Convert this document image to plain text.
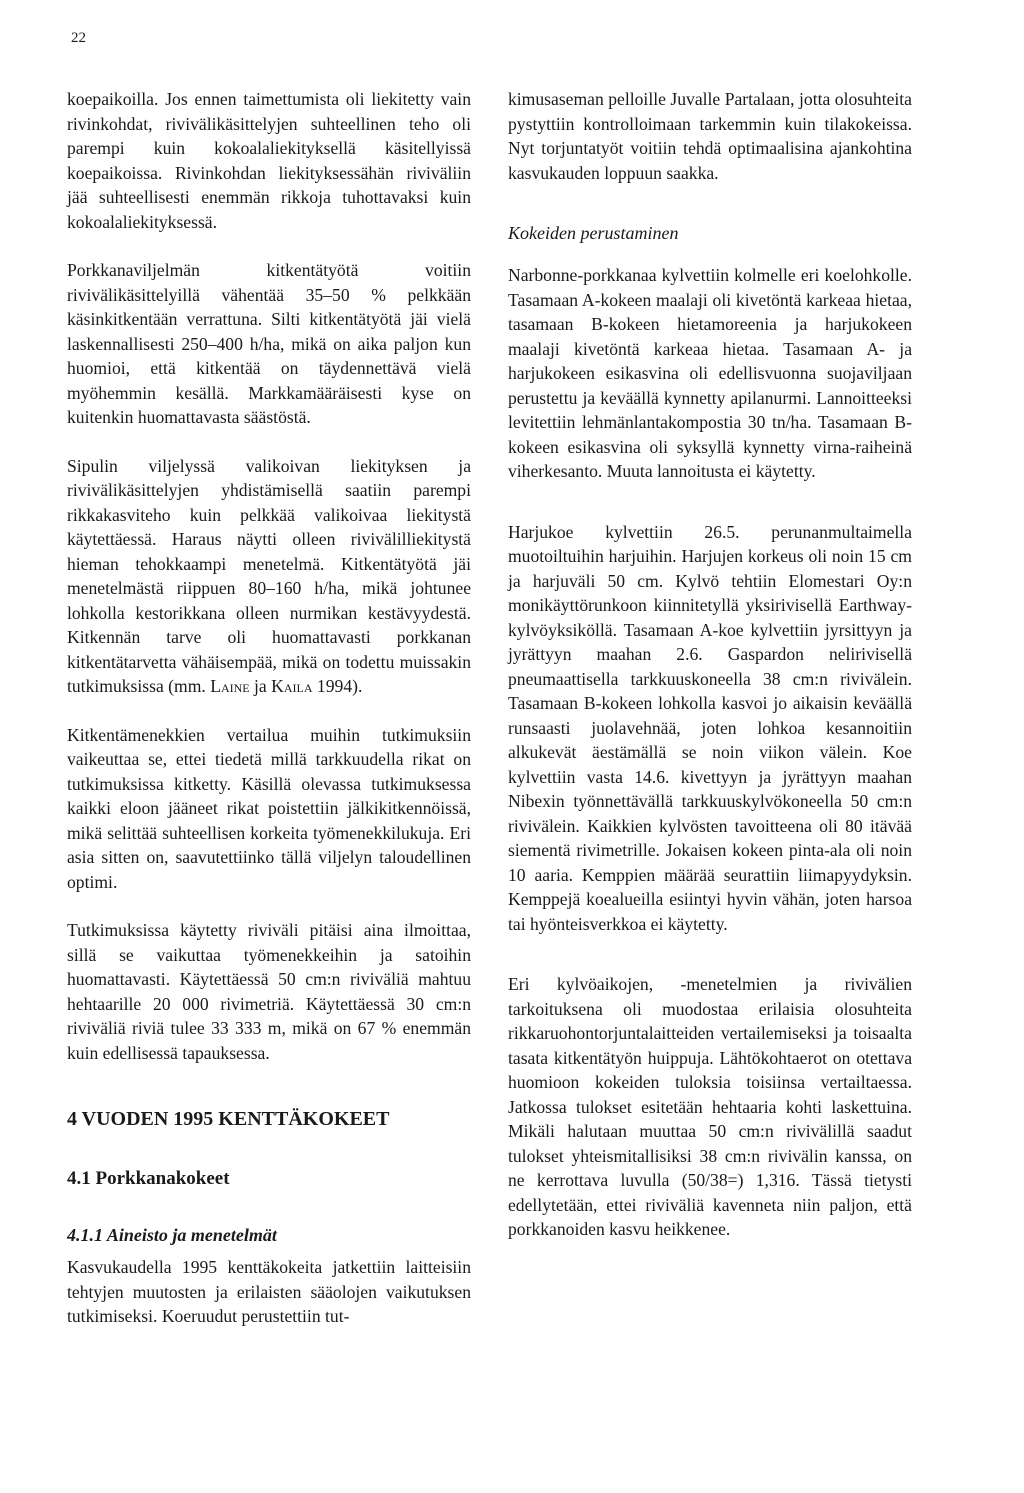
22

koepaikoilla. Jos ennen taimettumista oli liekitetty vain rivinkohdat, rivivälikäsittelyjen suhteellinen teho oli parempi kuin kokoalaliekityksellä käsitellyissä koepaikoissa. Rivinkohdan liekityksessähän riviväliin jää suhteellisesti enemmän rikkoja tuhottavaksi kuin kokoalaliekityksessä.

Porkkanaviljelmän kitkentätyötä voitiin rivivälikäsittelyillä vähentää 35–50 % pelkkään käsinkitkentään verrattuna. Silti kitkentätyötä jäi vielä laskennallisesti 250–400 h/ha, mikä on aika paljon kun huomioi, että kitkentää on täydennettävä vielä myöhemmin kesällä. Markkamääräisesti kyse on kuitenkin huomattavasta säästöstä.

Sipulin viljelyssä valikoivan liekityksen ja rivivälikäsittelyjen yhdistämisellä saatiin parempi rikkakasviteho kuin pelkkää valikoivaa liekitystä käytettäessä. Haraus näytti olleen rivivälilliekitystä hieman tehokkaampi menetelmä. Kitkentätyötä jäi menetelmästä riippuen 80–160 h/ha, mikä johtunee lohkolla kestorikkana olleen nurmikan kestävyydestä. Kitkennän tarve oli huomattavasti porkkanan kitkentätarvetta vähäisempää, mikä on todettu muissakin tutkimuksissa (mm. Laine ja Kaila 1994).

Kitkentämenekkien vertailua muihin tutkimuksiin vaikeuttaa se, ettei tiedetä millä tarkkuudella rikat on tutkimuksissa kitketty. Käsillä olevassa tutkimuksessa kaikki eloon jääneet rikat poistettiin jälkikitkennöissä, mikä selittää suhteellisen korkeita työmenekkilukuja. Eri asia sitten on, saavutettiinko tällä viljelyn taloudellinen optimi.

Tutkimuksissa käytetty riviväli pitäisi aina ilmoittaa, sillä se vaikuttaa työmenekkeihin ja satoihin huomattavasti. Käytettäessä 50 cm:n riviväliä mahtuu hehtaarille 20 000 rivimetriä. Käytettäessä 30 cm:n riviväliä riviä tulee 33 333 m, mikä on 67 % enemmän kuin edellisessä tapauksessa.

4 VUODEN 1995 KENTTÄKOKEET
4.1 Porkkanakokeet
4.1.1 Aineisto ja menetelmät

Kasvukaudella 1995 kenttäkokeita jatkettiin laitteisiin tehtyjen muutosten ja erilaisten sääolojen vaikutuksen tutkimiseksi. Koeruudut perustettiin tut-

kimusaseman pelloille Juvalle Partalaan, jotta olosuhteita pystyttiin kontrolloimaan tarkemmin kuin tilakokeissa. Nyt torjuntatyöt voitiin tehdä optimaalisina ajankohtina kasvukauden loppuun saakka.

Kokeiden perustaminen

Narbonne-porkkanaa kylvettiin kolmelle eri koelohkolle. Tasamaan A-kokeen maalaji oli kivetöntä karkeaa hietaa, tasamaan B-kokeen hietamoreenia ja harjukokeen maalaji kivetöntä karkeaa hietaa. Tasamaan A- ja harjukokeen esikasvina oli edellisvuonna suojaviljaan perustettu ja keväällä kynnetty apilanurmi. Lannoitteeksi levitettiin lehmänlantakompostia 30 tn/ha. Tasamaan B-kokeen esikasvina oli syksyllä kynnetty virna-raiheinä viherkesanto. Muuta lannoitusta ei käytetty.

Harjukoe kylvettiin 26.5. perunanmultaimella muotoiltuihin harjuihin. Harjujen korkeus oli noin 15 cm ja harjuväli 50 cm. Kylvö tehtiin Elomestari Oy:n monikäyttörunkoon kiinnitetyllä yksirivisellä Earthway-kylvöyksiköllä. Tasamaan A-koe kylvettiin jyrsittyyn ja jyrättyyn maahan 2.6. Gaspardon nelirivisellä pneumaattisella tarkkuuskoneella 38 cm:n rivivälein. Tasamaan B-kokeen lohkolla kasvoi jo aikaisin keväällä runsaasti juolavehnää, joten lohkoa kesannoitiin alkukevät äestämällä se noin viikon välein. Koe kylvettiin vasta 14.6. kivettyyn ja jyrättyyn maahan Nibexin työnnettävällä tarkkuuskylvökoneella 50 cm:n rivivälein. Kaikkien kylvösten tavoitteena oli 80 itävää siementä rivimetrille. Jokaisen kokeen pinta-ala oli noin 10 aaria. Kemppien määrää seurattiin liimapyydyksin. Kemppejä koealueilla esiintyi hyvin vähän, joten harsoa tai hyönteisverkkoa ei käytetty.

Eri kylvöaikojen, -menetelmien ja rivivälien tarkoituksena oli muodostaa erilaisia olosuhteita rikkaruohontorjuntalaitteiden vertailemiseksi ja toisaalta tasata kitkentätyön huippuja. Lähtökohtaerot on otettava huomioon kokeiden tuloksia toisiinsa vertailtaessa. Jatkossa tulokset esitetään hehtaaria kohti laskettuina. Mikäli halutaan muuttaa 50 cm:n rivivälillä saadut tulokset yhteismitallisiksi 38 cm:n rivivälin kanssa, on ne kerrottava luvulla (50/38=) 1,316. Tässä tietysti edellytetään, ettei riviväliä kavenneta niin paljon, että porkkanoiden kasvu heikkenee.
